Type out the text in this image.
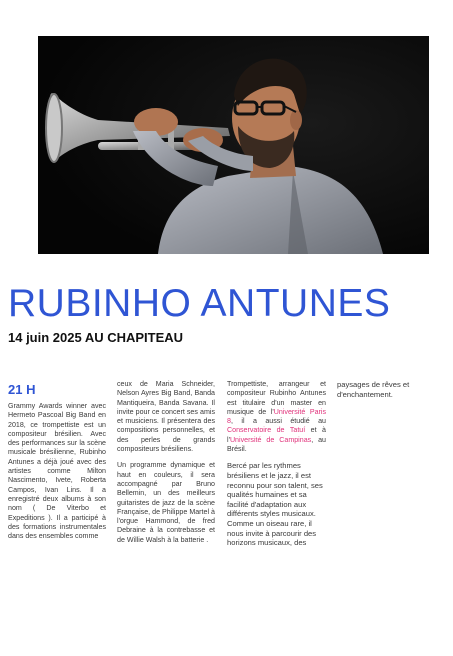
RUBINHO ANTUNES
14 juin 2025 AU CHAPITEAU
21 H

Grammy Awards winner avec Hermeto Pascoal Big Band en 2018, ce trompettiste est un compositeur brésilien. Avec des performances sur la scène musicale brésilienne, Rubinho Antunes a déjà joué avec des artistes comme Milton Nascimento, Ivete, Roberta Campos, Ivan Lins. Il a enregistré deux albums à son nom ( De Viterbo et Expeditions ). Il a participé à des formations instrumentales dans des ensembles comme

ceux de Maria Schneider, Nelson Ayres Big Band, Banda Mantiqueira, Banda Savana. Il invite pour ce concert ses amis et musiciens. Il présentera des compositions personnelles, et des perles de grands compositeurs brésiliens.

Un programme dynamique et haut en couleurs, il sera accompagné par Bruno Bellemin, un des meilleurs guitaristes de jazz de la scène Française, de Philippe Martel à l'orgue Hammond, de fred Debraine à la contrebasse et de Willie Walsh à la batterie .

Trompettiste, arrangeur et compositeur Rubinho Antunes est titulaire d'un master en musique de l'Université Paris 8, il a aussi étudié au Conservatoire de Tatuí et à l'Université de Campinas, au Brésil.

Bercé par les rythmes brésiliens et le jazz, il est reconnu pour son talent, ses qualités humaines et sa facilité d'adaptation aux différents styles musicaux. Comme un oiseau rare, il nous invite à parcourir des horizons musicaux, des

paysages de rêves et d'enchantement.
